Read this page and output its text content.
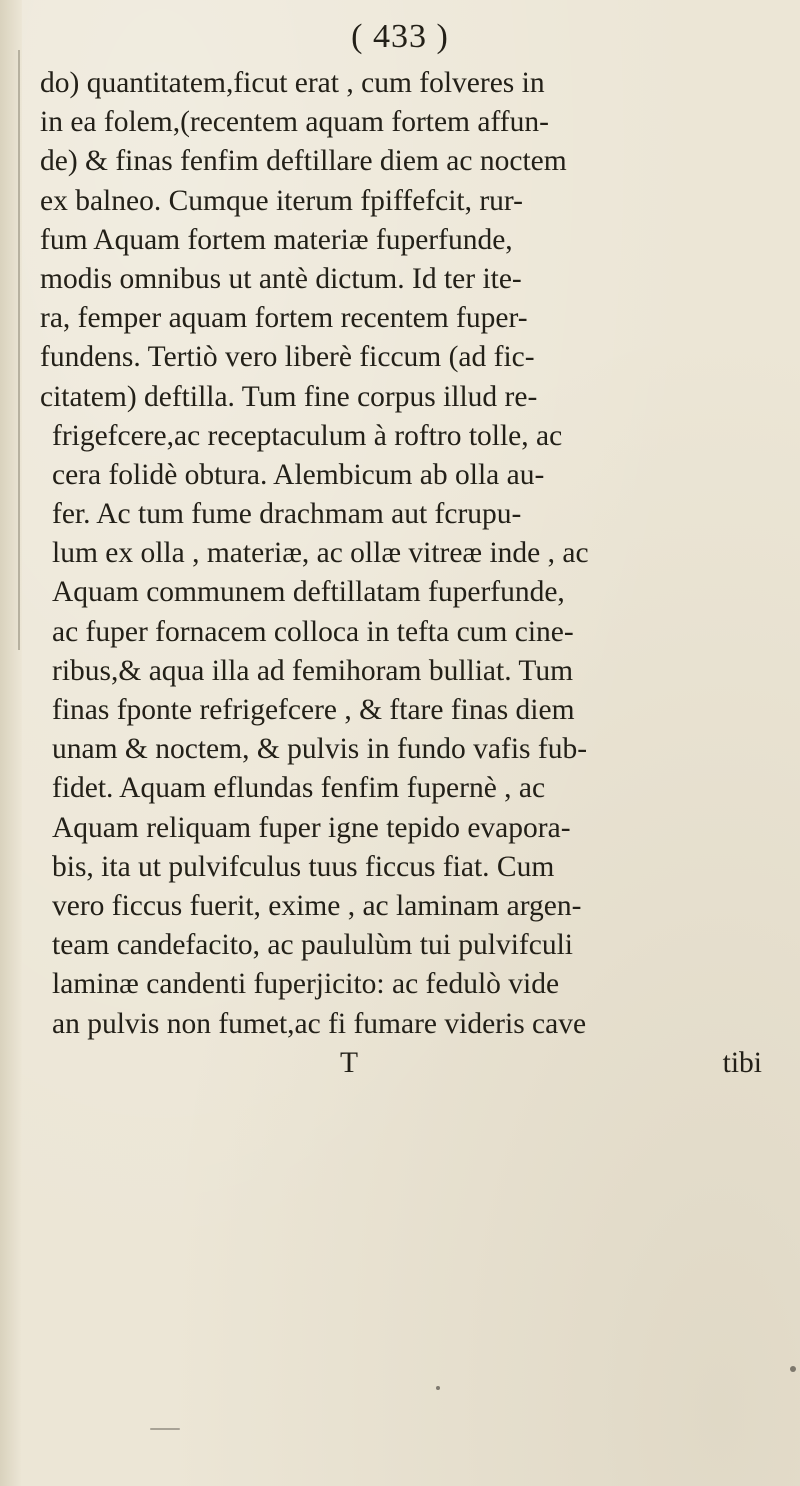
( 433 )
do) quantitatem,ficut erat , cum folveres in
in ea folem,(recentem aquam fortem affun-
de) & finas fenfim deftillare diem ac noctem
ex balneo. Cumque iterum fpiffefcit, rur-
fum Aquam fortem materiæ fuperfunde,
modis omnibus ut antè dictum. Id ter ite-
ra, femper aquam fortem recentem fuper-
fundens. Tertiò vero liberè ficcum (ad fic-
citatem) deftilla. Tum fine corpus illud re-
frigefcere,ac receptaculum à roftro tolle, ac
cera folidè obtura. Alembicum ab olla au-
fer. Ac tum fume drachmam aut fcrupu-
lum ex olla , materiæ, ac ollæ vitreæ inde , ac
Aquam communem deftillatam fuperfunde,
ac fuper fornacem colloca in tefta cum cine-
ribus,& aqua illa ad femihoram bulliat. Tum
finas fponte refrigefcere , & ftare finas diem
unam & noctem, & pulvis in fundo vafis fub-
fidet. Aquam eflundas fenfim fupernè , ac
Aquam reliquam fuper igne tepido evapora-
bis, ita ut pulvifculus tuus ficcus fiat. Cum
vero ficcus fuerit, exime , ac laminam argen-
team candefacito, ac paululùm tui pulvifculi
laminæ candenti fuperjicito: ac fedulò vide
an pulvis non fumet,ac fi fumare videris cave
T	tibi
